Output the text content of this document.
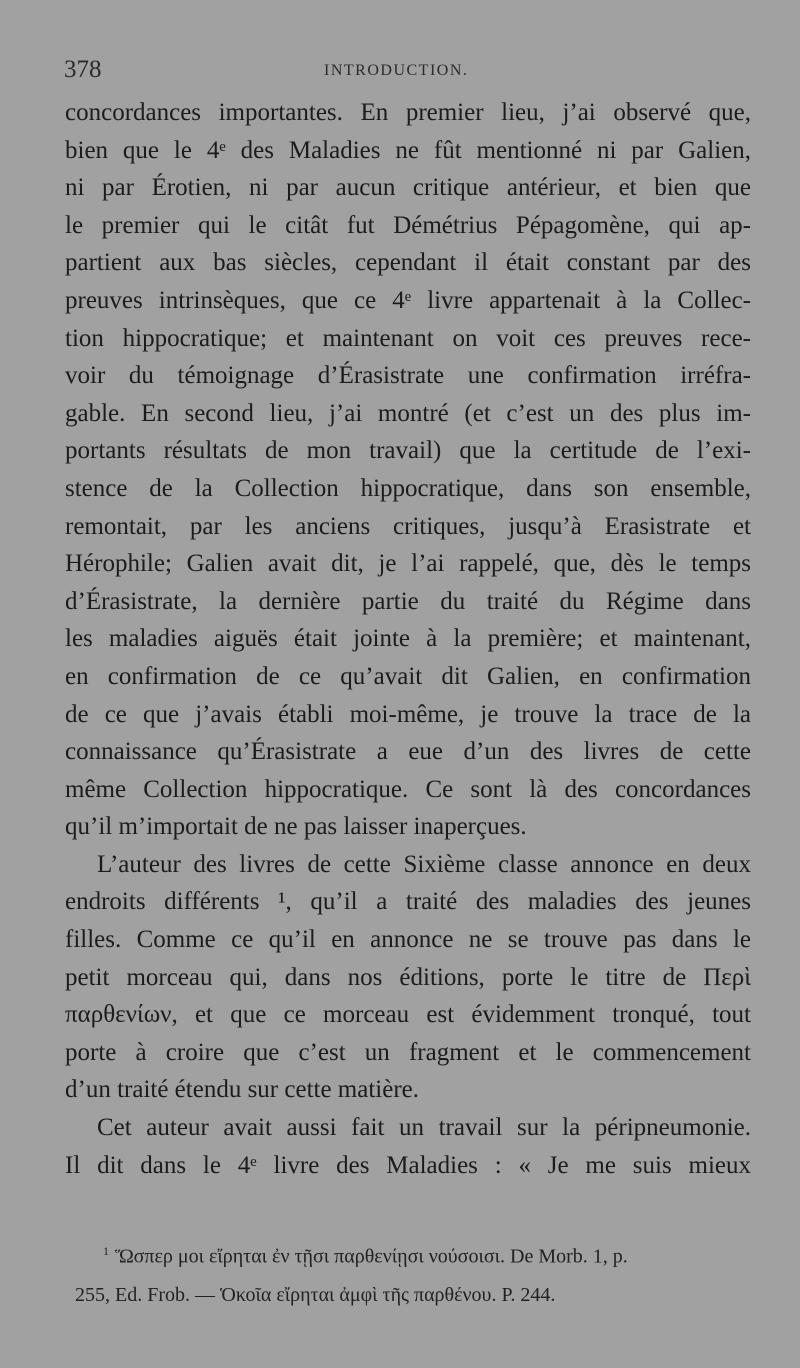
378	INTRODUCTION.
concordances importantes. En premier lieu, j’ai observé que,
bien que le 4ᵉ des Maladies ne fût mentionné ni par Galien,
ni par Érotien, ni par aucun critique antérieur, et bien que
le premier qui le citât fut Démétrius Pépagomène, qui ap-
partient aux bas siècles, cependant il était constant par des
preuves intrinsèques, que ce 4ᵉ livre appartenait à la Collec-
tion hippocratique; et maintenant on voit ces preuves rece-
voir du témoignage d’Érasistrate une confirmation irréfra-
gable. En second lieu, j’ai montré (et c’est un des plus im-
portants résultats de mon travail) que la certitude de l’exi-
stence de la Collection hippocratique, dans son ensemble,
remontait, par les anciens critiques, jusqu’à Erasistrate et
Hérophile; Galien avait dit, je l’ai rappelé, que, dès le temps
d’Érasistrate, la dernière partie du traité du Régime dans
les maladies aiguës était jointe à la première; et maintenant,
en confirmation de ce qu’avait dit Galien, en confirmation
de ce que j’avais établi moi-même, je trouve la trace de la
connaissance qu’Érasistrate a eue d’un des livres de cette
même Collection hippocratique. Ce sont là des concordances
qu’il m’importait de ne pas laisser inaperçues.
L’auteur des livres de cette Sixième classe annonce en deux
endroits différents ¹, qu’il a traité des maladies des jeunes
filles. Comme ce qu’il en annonce ne se trouve pas dans le
petit morceau qui, dans nos éditions, porte le titre de Περὶ
παρθενίων, et que ce morceau est évidemment tronqué, tout
porte à croire que c’est un fragment et le commencement
d’un traité étendu sur cette matière.
Cet auteur avait aussi fait un travail sur la péripneumonie.
Il dit dans le 4ᵉ livre des Maladies : « Je me suis mieux
$^1$ Ὥσπερ μοι εἴρηται ἐν τῇσι παρθενίῃσι νούσοισι. De Morb. 1, p.
255, Ed. Frob. — Ὁκοῖα εἴρηται ἀμφὶ τῆς παρθένου. P. 244.
